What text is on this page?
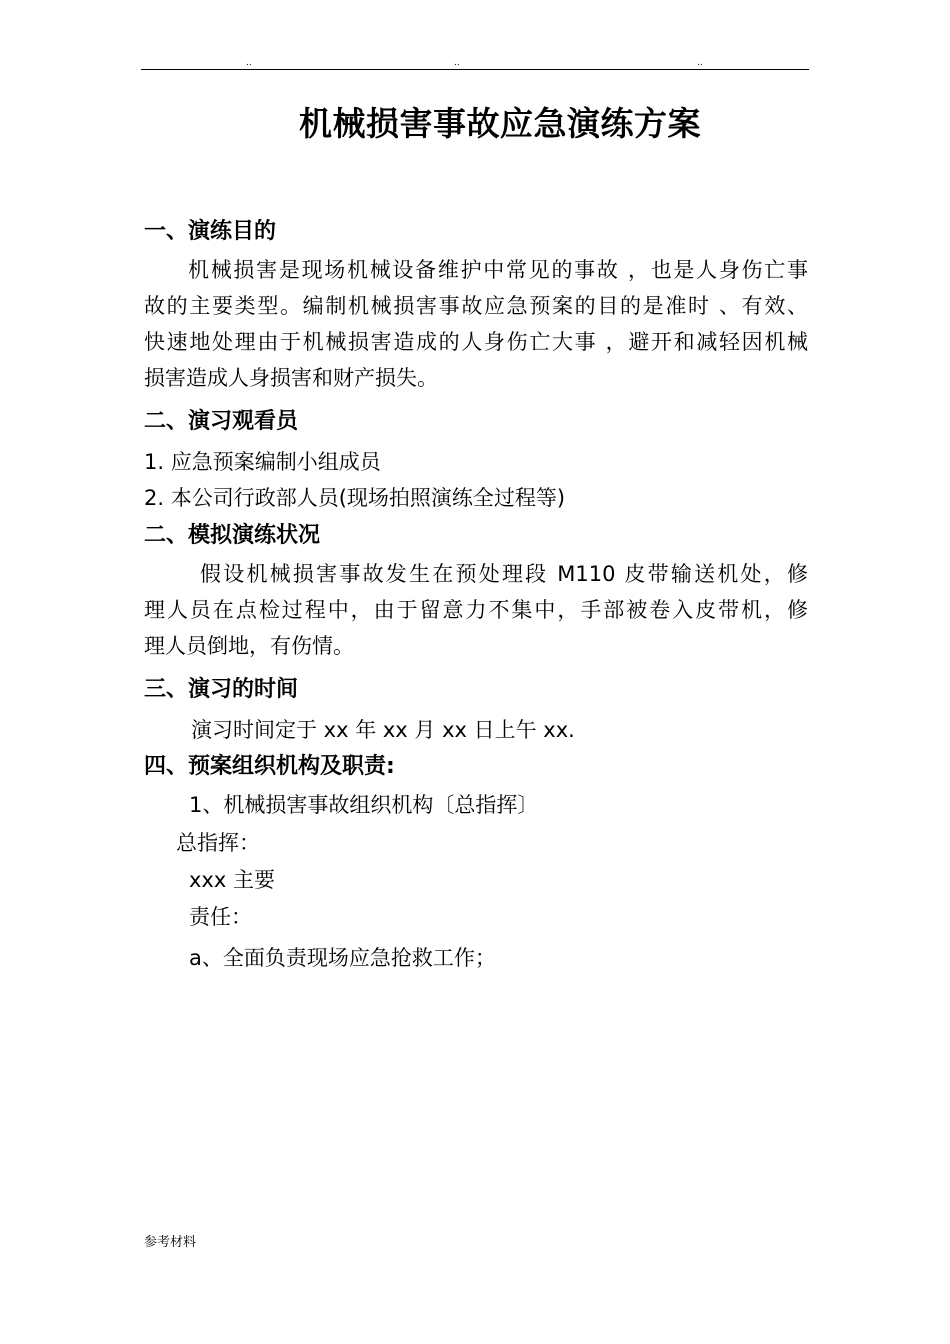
..	..	..
机械损害事故应急演练方案
一、演练目的
机械损害是现场机械设备维护中常见的事故 ，也是人身伤亡事
故的主要类型。编制机械损害事故应急预案的目的是准时 、有效、
快速地处理由于机械损害造成的人身伤亡大事 ，避开和减轻因机械
损害造成人身损害和财产损失。
二、演习观看员
1. 应急预案编制小组成员
2. 本公司行政部人员(现场拍照演练全过程等)
二、模拟演练状况
假设机械损害事故发生在预处理段 M110 皮带输送机处，修
理人员在点检过程中，由于留意力不集中，手部被卷入皮带机，修
理人员倒地，有伤情。
三、演习的时间
演习时间定于 xx 年 xx 月 xx 日上午 xx.
四、预案组织机构及职责:
1、机械损害事故组织机构〔总指挥〕
总指挥：
xxx 主要
责任：
a、全面负责现场应急抢救工作；
参考材料
